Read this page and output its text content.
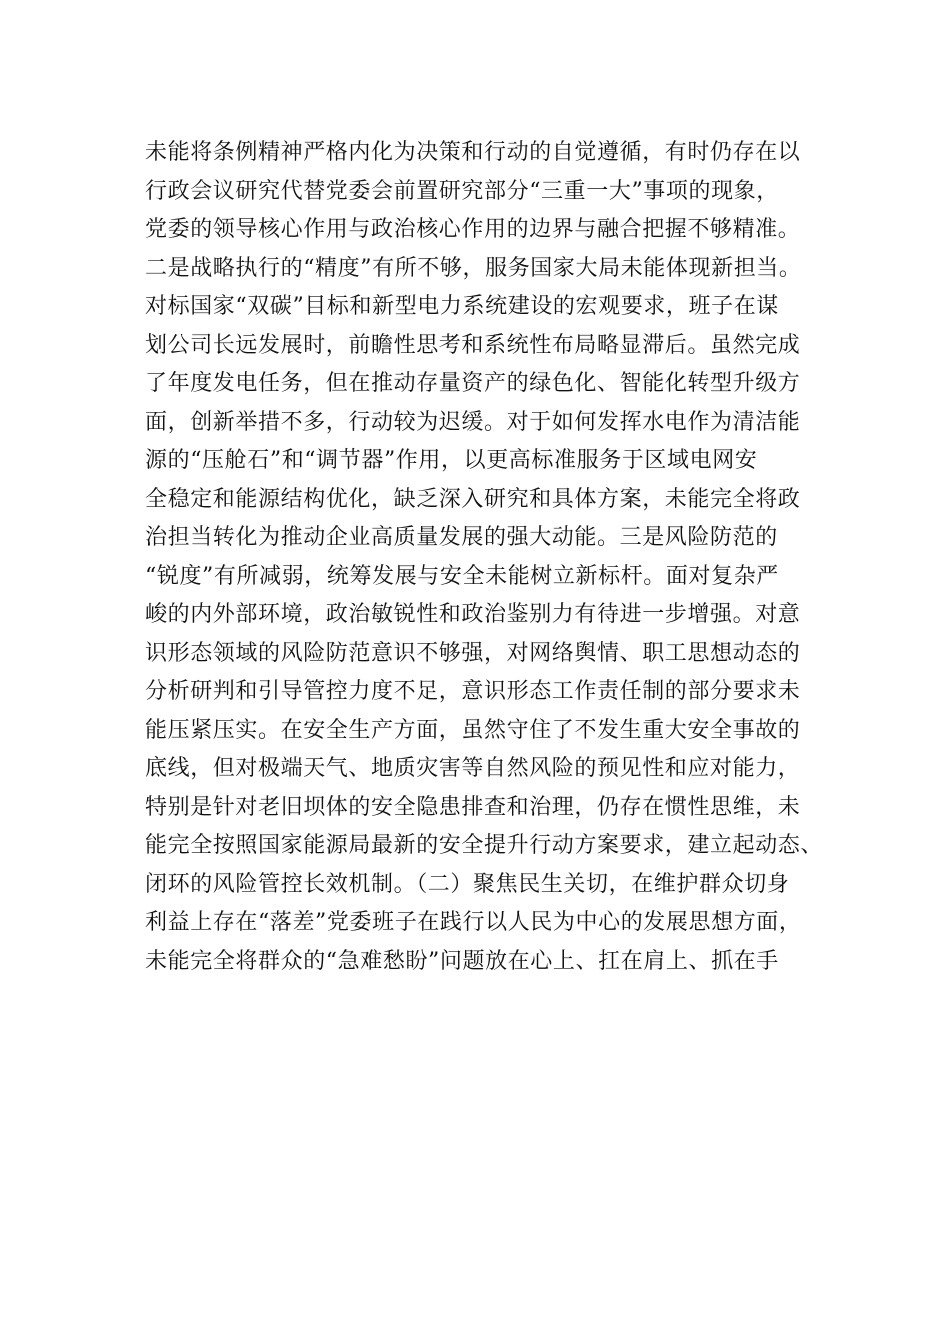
未能将条例精神严格内化为决策和行动的自觉遵循，有时仍存在以
行政会议研究代替党委会前置研究部分“三重一大”事项的现象，
党委的领导核心作用与政治核心作用的边界与融合把握不够精准。
二是战略执行的“精度”有所不够，服务国家大局未能体现新担当。
对标国家“双碳”目标和新型电力系统建设的宏观要求，班子在谋
划公司长远发展时，前瞻性思考和系统性布局略显滞后。虽然完成
了年度发电任务，但在推动存量资产的绿色化、智能化转型升级方
面，创新举措不多，行动较为迟缓。对于如何发挥水电作为清洁能
源的“压舱石”和“调节器”作用，以更高标准服务于区域电网安
全稳定和能源结构优化，缺乏深入研究和具体方案，未能完全将政
治担当转化为推动企业高质量发展的强大动能。三是风险防范的
“锐度”有所减弱，统筹发展与安全未能树立新标杆。面对复杂严
峻的内外部环境，政治敏锐性和政治鉴别力有待进一步增强。对意
识形态领域的风险防范意识不够强，对网络舆情、职工思想动态的
分析研判和引导管控力度不足，意识形态工作责任制的部分要求未
能压紧压实。在安全生产方面，虽然守住了不发生重大安全事故的
底线，但对极端天气、地质灾害等自然风险的预见性和应对能力，
特别是针对老旧坝体的安全隐患排查和治理，仍存在惯性思维，未
能完全按照国家能源局最新的安全提升行动方案要求，建立起动态、
闭环的风险管控长效机制。（二）聚焦民生关切，在维护群众切身
利益上存在“落差”党委班子在践行以人民为中心的发展思想方面，
未能完全将群众的“急难愁盼”问题放在心上、扛在肩上、抓在手
